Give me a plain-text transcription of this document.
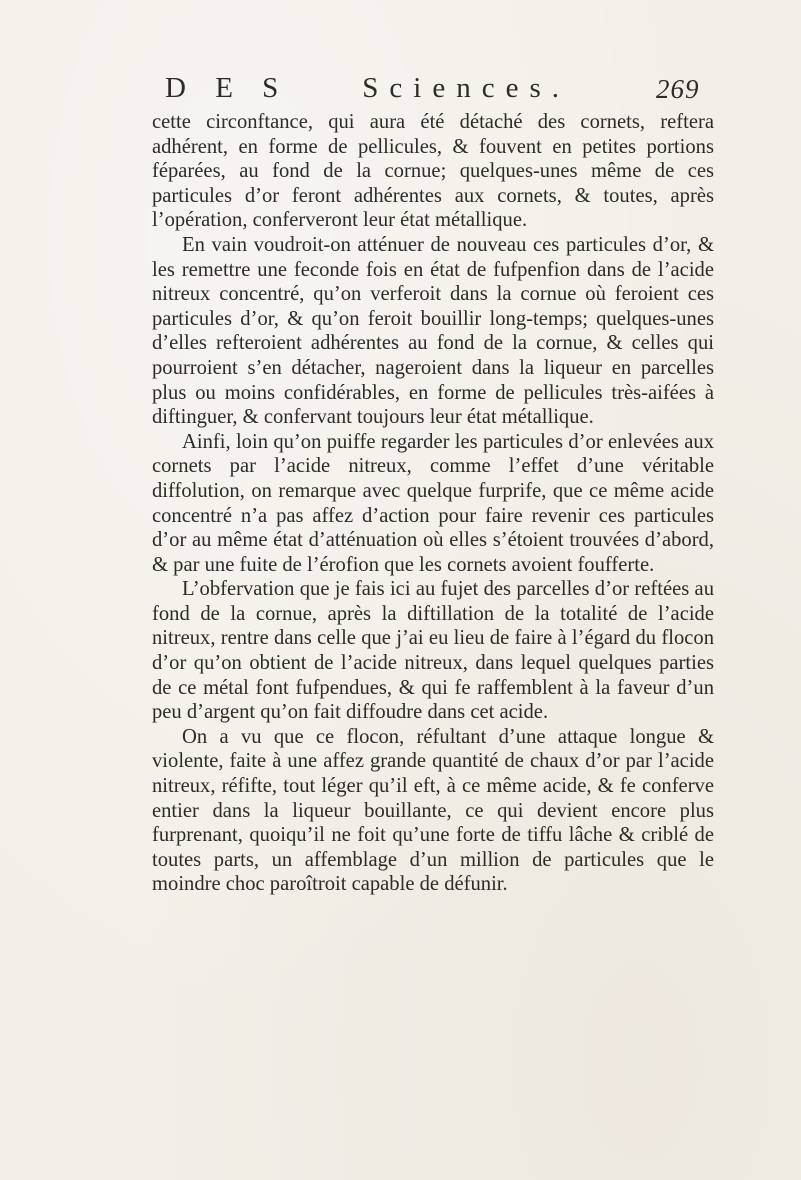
D E S	Sciences.	269

cette circonftance, qui aura été détaché des cornets, reftera adhérent, en forme de pellicules, & fouvent en petites portions féparées, au fond de la cornue; quelques-unes même de ces particules d’or feront adhérentes aux cornets, & toutes, après l’opération, conferveront leur état métallique.

En vain voudroit-on atténuer de nouveau ces particules d’or, & les remettre une feconde fois en état de fufpenfion dans de l’acide nitreux concentré, qu’on verferoit dans la cornue où feroient ces particules d’or, & qu’on feroit bouillir long-temps; quelques-unes d’elles refteroient adhérentes au fond de la cornue, & celles qui pourroient s’en détacher, nageroient dans la liqueur en parcelles plus ou moins confidérables, en forme de pellicules très-aifées à diftinguer, & confervant toujours leur état métallique.

Ainfi, loin qu’on puiffe regarder les particules d’or enlevées aux cornets par l’acide nitreux, comme l’effet d’une véritable diffolution, on remarque avec quelque furprife, que ce même acide concentré n’a pas affez d’action pour faire revenir ces particules d’or au même état d’atténuation où elles s’étoient trouvées d’abord, & par une fuite de l’érofion que les cornets avoient foufferte.

L’obfervation que je fais ici au fujet des parcelles d’or reftées au fond de la cornue, après la diftillation de la totalité de l’acide nitreux, rentre dans celle que j’ai eu lieu de faire à l’égard du flocon d’or qu’on obtient de l’acide nitreux, dans lequel quelques parties de ce métal font fufpendues, & qui fe raffemblent à la faveur d’un peu d’argent qu’on fait diffoudre dans cet acide.

On a vu que ce flocon, réfultant d’une attaque longue & violente, faite à une affez grande quantité de chaux d’or par l’acide nitreux, réfifte, tout léger qu’il eft, à ce même acide, & fe conferve entier dans la liqueur bouillante, ce qui devient encore plus furprenant, quoiqu’il ne foit qu’une forte de tiffu lâche & criblé de toutes parts, un affemblage d’un million de particules que le moindre choc paroîtroit capable de défunir.
